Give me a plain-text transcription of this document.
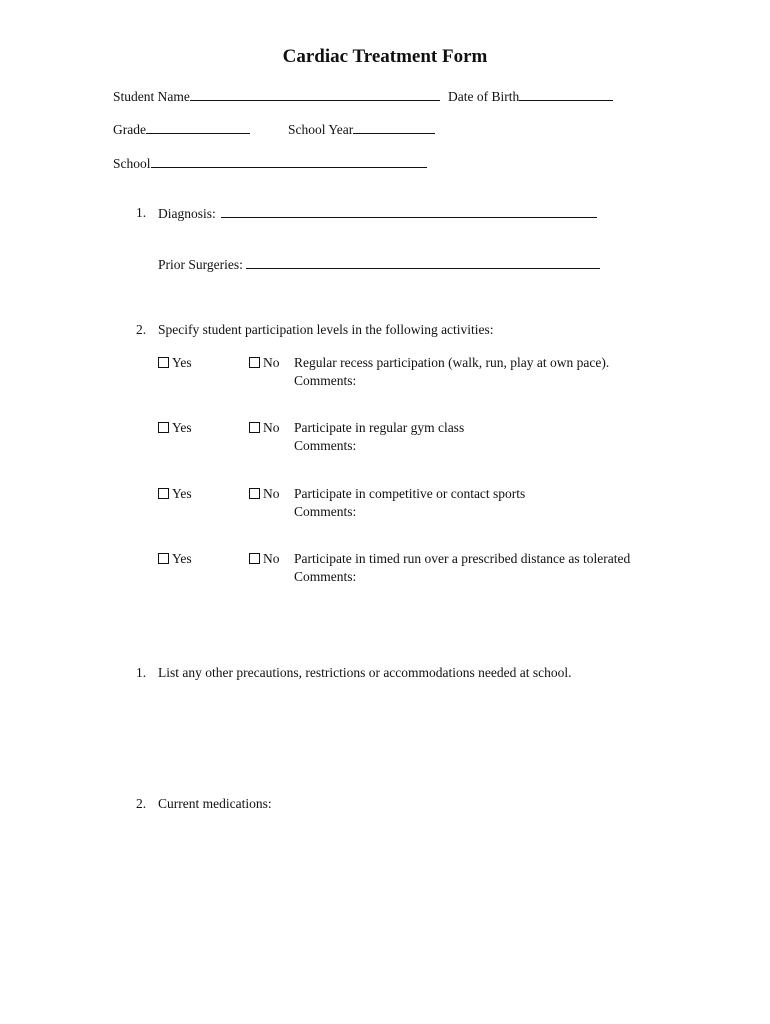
Cardiac Treatment Form
Student Name	Date of Birth
Grade	School Year
School
1. Diagnosis:
Prior Surgeries:
2. Specify student participation levels in the following activities:
Yes	No Regular recess participation (walk, run, play at own pace).
Comments:
Yes	No Participate in regular gym class
Comments:
Yes	No Participate in competitive or contact sports
Comments:
Yes	No Participate in timed run over a prescribed distance as tolerated
Comments:
1. List any other precautions, restrictions or accommodations needed at school.
2. Current medications:
